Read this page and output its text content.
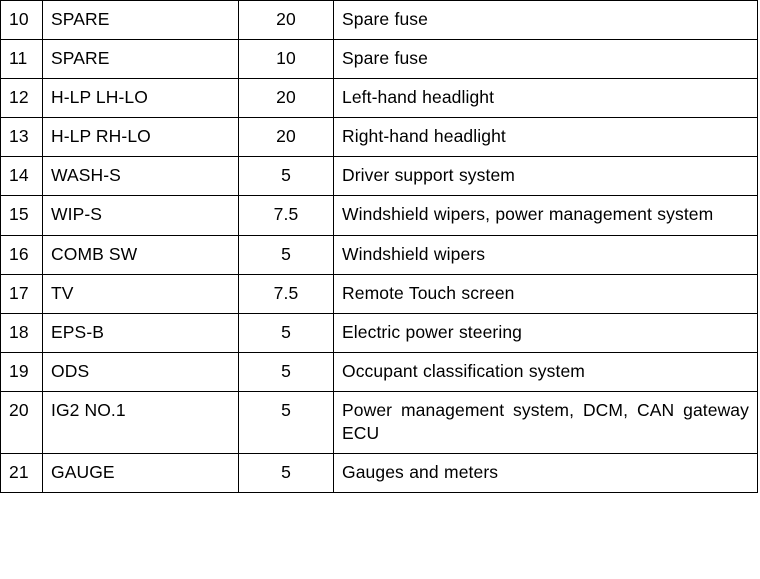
10	SPARE	20	Spare fuse

11	SPARE	10	Spare fuse

12	H-LP LH-LO	20	Left-hand headlight

13	H-LP RH-LO	20	Right-hand headlight

14	WASH-S	5	Driver support system

15	WIP-S	7.5	Windshield wipers, power management system

16	COMB SW	5	Windshield wipers

17	TV	7.5	Remote Touch screen

18	EPS-B	5	Electric power steering

19	ODS	5	Occupant classification system

20	IG2 NO.1	5	Power management system, DCM, CAN gateway ECU

21	GAUGE	5	Gauges and meters
